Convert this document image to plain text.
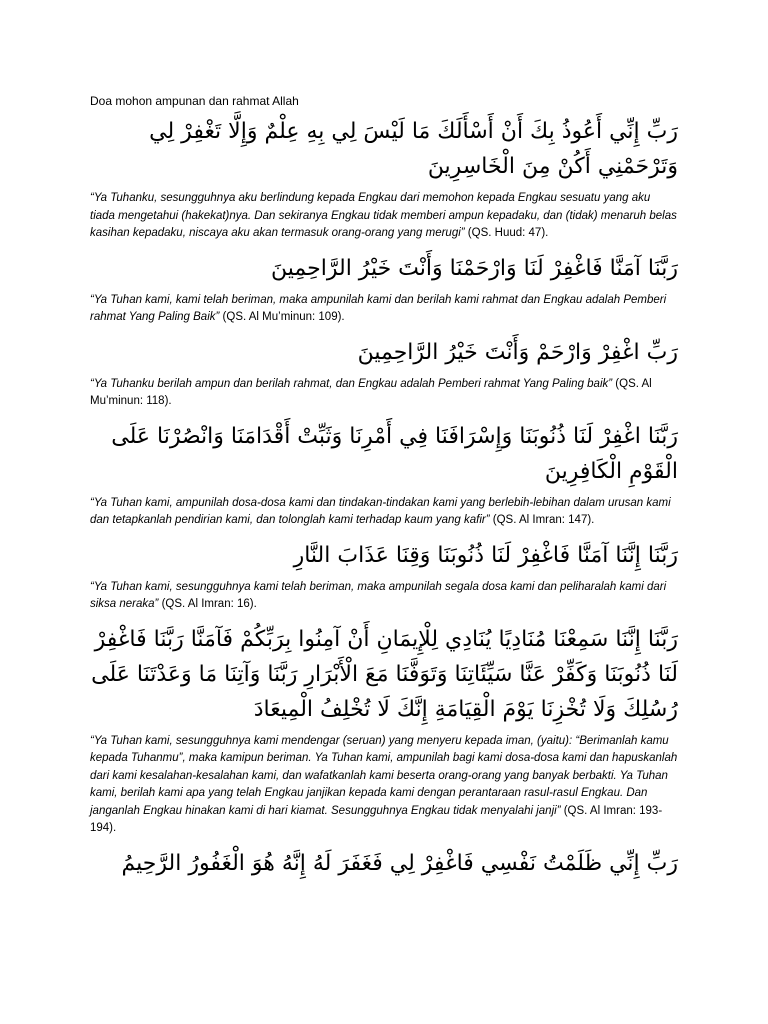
Doa mohon ampunan dan rahmat Allah

رَبِّ إِنِّي أَعُوذُ بِكَ أَنْ أَسْأَلَكَ مَا لَيْسَ لِي بِهِ عِلْمٌ وَإِلَّا تَغْفِرْ لِي وَتَرْحَمْنِي أَكُنْ مِنَ الْخَاسِرِينَ

“Ya Tuhanku, sesungguhnya aku berlindung kepada Engkau dari memohon kepada Engkau sesuatu yang aku tiada mengetahui (hakekat)nya. Dan sekiranya Engkau tidak memberi ampun kepadaku, dan (tidak) menaruh belas kasihan kepadaku, niscaya aku akan termasuk orang-orang yang merugi” (QS. Huud: 47).

رَبَّنَا آمَنَّا فَاغْفِرْ لَنَا وَارْحَمْنَا وَأَنْتَ خَيْرُ الرَّاحِمِينَ

“Ya Tuhan kami, kami telah beriman, maka ampunilah kami dan berilah kami rahmat dan Engkau adalah Pemberi rahmat Yang Paling Baik” (QS. Al Mu’minun: 109).

رَبِّ اغْفِرْ وَارْحَمْ وَأَنْتَ خَيْرُ الرَّاحِمِينَ

“Ya Tuhanku berilah ampun dan berilah rahmat, dan Engkau adalah Pemberi rahmat Yang Paling baik” (QS. Al Mu’minun: 118).

رَبَّنَا اغْفِرْ لَنَا ذُنُوبَنَا وَإِسْرَافَنَا فِي أَمْرِنَا وَثَبِّتْ أَقْدَامَنَا وَانْصُرْنَا عَلَى الْقَوْمِ الْكَافِرِينَ

“Ya Tuhan kami, ampunilah dosa-dosa kami dan tindakan-tindakan kami yang berlebih-lebihan dalam urusan kami dan tetapkanlah pendirian kami, dan tolonglah kami terhadap kaum yang kafir” (QS. Al Imran: 147).

رَبَّنَا إِنَّنَا آمَنَّا فَاغْفِرْ لَنَا ذُنُوبَنَا وَقِنَا عَذَابَ النَّارِ

“Ya Tuhan kami, sesungguhnya kami telah beriman, maka ampunilah segala dosa kami dan peliharalah kami dari siksa neraka” (QS. Al Imran: 16).

رَبَّنَا إِنَّنَا سَمِعْنَا مُنَادِيًا يُنَادِي لِلْإِيمَانِ أَنْ آمِنُوا بِرَبِّكُمْ فَآمَنَّا رَبَّنَا فَاغْفِرْ لَنَا ذُنُوبَنَا وَكَفِّرْ عَنَّا سَيِّئَاتِنَا وَتَوَفَّنَا مَعَ الْأَبْرَارِ رَبَّنَا وَآتِنَا مَا وَعَدْتَنَا عَلَى رُسُلِكَ وَلَا تُخْزِنَا يَوْمَ الْقِيَامَةِ إِنَّكَ لَا تُخْلِفُ الْمِيعَادَ

“Ya Tuhan kami, sesungguhnya kami mendengar (seruan) yang menyeru kepada iman, (yaitu): “Berimanlah kamu kepada Tuhanmu”, maka kamipun beriman. Ya Tuhan kami, ampunilah bagi kami dosa-dosa kami dan hapuskanlah dari kami kesalahan-kesalahan kami, dan wafatkanlah kami beserta orang-orang yang banyak berbakti. Ya Tuhan kami, berilah kami apa yang telah Engkau janjikan kepada kami dengan perantaraan rasul-rasul Engkau. Dan janganlah Engkau hinakan kami di hari kiamat. Sesungguhnya Engkau tidak menyalahi janji” (QS. Al Imran: 193-194).

رَبِّ إِنِّي ظَلَمْتُ نَفْسِي فَاغْفِرْ لِي فَغَفَرَ لَهُ إِنَّهُ هُوَ الْغَفُورُ الرَّحِيمُ
